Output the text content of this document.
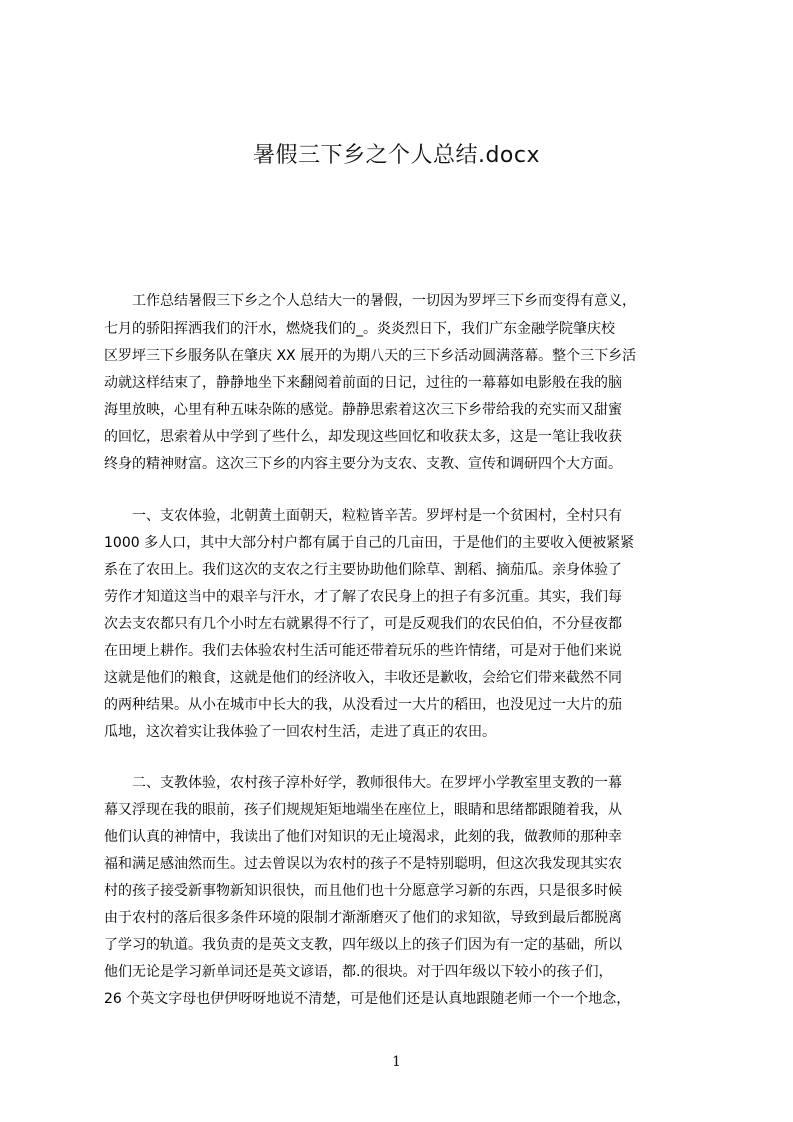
暑假三下乡之个人总结.docx
　　工作总结暑假三下乡之个人总结大一的暑假，一切因为罗坪三下乡而变得有意义，
七月的骄阳挥洒我们的汗水，燃烧我们的_。炎炎烈日下，我们广东金融学院肇庆校
区罗坪三下乡服务队在肇庆 XX 展开的为期八天的三下乡活动圆满落幕。整个三下乡活
动就这样结束了，静静地坐下来翻阅着前面的日记，过往的一幕幕如电影般在我的脑
海里放映，心里有种五味杂陈的感觉。静静思索着这次三下乡带给我的充实而又甜蜜
的回忆，思索着从中学到了些什么，却发现这些回忆和收获太多，这是一笔让我收获
终身的精神财富。这次三下乡的内容主要分为支农、支教、宣传和调研四个大方面。
　　一、支农体验，北朝黄土面朝天，粒粒皆辛苦。罗坪村是一个贫困村，全村只有
1000 多人口，其中大部分村户都有属于自己的几亩田，于是他们的主要收入便被紧紧
系在了农田上。我们这次的支农之行主要协助他们除草、割稻、摘茄瓜。亲身体验了
劳作才知道这当中的艰辛与汗水，才了解了农民身上的担子有多沉重。其实，我们每
次去支农都只有几个小时左右就累得不行了，可是反观我们的农民伯伯，不分昼夜都
在田埂上耕作。我们去体验农村生活可能还带着玩乐的些许情绪，可是对于他们来说
这就是他们的粮食，这就是他们的经济收入，丰收还是歉收，会给它们带来截然不同
的两种结果。从小在城市中长大的我，从没看过一大片的稻田，也没见过一大片的茄
瓜地，这次着实让我体验了一回农村生活，走进了真正的农田。
　　二、支教体验，农村孩子淳朴好学，教师很伟大。在罗坪小学教室里支教的一幕
幕又浮现在我的眼前，孩子们规规矩矩地端坐在座位上，眼睛和思绪都跟随着我，从
他们认真的神情中，我读出了他们对知识的无止境渴求，此刻的我，做教师的那种幸
福和满足感油然而生。过去曾误以为农村的孩子不是特别聪明，但这次我发现其实农
村的孩子接受新事物新知识很快，而且他们也十分愿意学习新的东西，只是很多时候
由于农村的落后很多条件环境的限制才渐渐磨灭了他们的求知欲，导致到最后都脱离
了学习的轨道。我负责的是英文支教，四年级以上的孩子们因为有一定的基础，所以
他们无论是学习新单词还是英文谚语，都.的很块。对于四年级以下较小的孩子们，
26 个英文字母也伊伊呀呀地说不清楚，可是他们还是认真地跟随老师一个一个地念，
1
